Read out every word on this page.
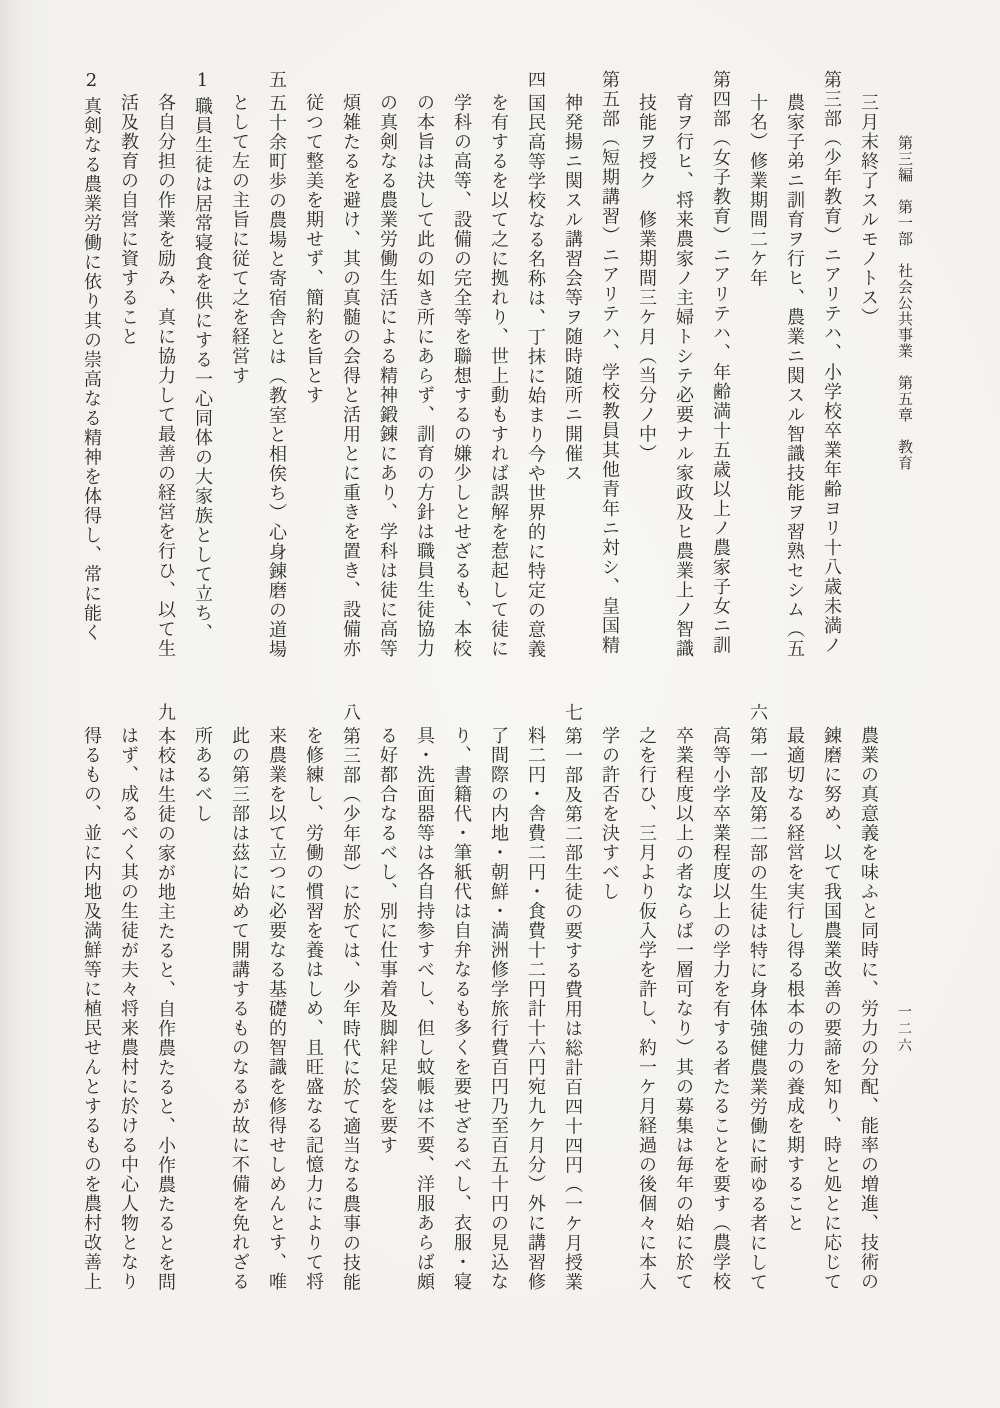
第三編　第一部　社会公共事業　第五章　教育
一二六
三月末終了スルモノトス）
第三部（少年教育）ニアリテハ、小学校卒業年齢ヨリ十八歳未満ノ
農家子弟ニ訓育ヲ行ヒ、農業ニ関スル智識技能ヲ習熟セシム（五
十名）修業期間二ケ年
第四部（女子教育）ニアリテハ、年齢満十五歳以上ノ農家子女ニ訓
育ヲ行ヒ、将来農家ノ主婦トシテ必要ナル家政及ヒ農業上ノ智識
技能ヲ授ク　修業期間三ケ月（当分ノ中）
第五部（短期講習）ニアリテハ、学校教員其他青年ニ対シ、皇国精
神発揚ニ関スル講習会等ヲ随時随所ニ開催ス
四国民高等学校なる名称は、丁抹に始まり今や世界的に特定の意義
を有するを以て之に拠れり、世上動もすれば誤解を惹起して徒に
学科の高等、設備の完全等を聯想するの嫌少しとせざるも、本校
の本旨は決して此の如き所にあらず、訓育の方針は職員生徒協力
の真剣なる農業労働生活による精神鍛錬にあり、学科は徒に高等
煩雑たるを避け、其の真髄の会得と活用とに重きを置き、設備亦
従つて整美を期せず、簡約を旨とす
五五十余町歩の農場と寄宿舎とは（教室と相俟ち）心身錬磨の道場
として左の主旨に従て之を経営す
1職員生徒は居常寝食を供にする一心同体の大家族として立ち、
各自分担の作業を励み、真に協力して最善の経営を行ひ、以て生
活及教育の自営に資すること
2真剣なる農業労働に依り其の崇高なる精神を体得し、常に能く
農業の真意義を味ふと同時に、労力の分配、能率の増進、技術の
錬磨に努め、以て我国農業改善の要諦を知り、時と処とに応じて
最適切なる経営を実行し得る根本の力の養成を期すること
六第一部及第二部の生徒は特に身体強健農業労働に耐ゆる者にして
高等小学卒業程度以上の学力を有する者たることを要す（農学校
卒業程度以上の者ならば一層可なり）其の募集は毎年の始に於て
之を行ひ、三月より仮入学を許し、約一ケ月経過の後個々に本入
学の許否を決すべし
七第一部及第二部生徒の要する費用は総計百四十四円（一ケ月授業
料二円・舎費二円・食費十二円計十六円宛九ケ月分）外に講習修
了間際の内地・朝鮮・満洲修学旅行費百円乃至百五十円の見込な
り、書籍代・筆紙代は自弁なるも多くを要せざるべし、衣服・寝
具・洗面器等は各自持参すべし、但し蚊帳は不要、洋服あらば頗
る好都合なるべし、別に仕事着及脚絆足袋を要す
八第三部（少年部）に於ては、少年時代に於て適当なる農事の技能
を修練し、労働の慣習を養はしめ、且旺盛なる記憶力によりて将
来農業を以て立つに必要なる基礎的智識を修得せしめんとす、唯
此の第三部は茲に始めて開講するものなるが故に不備を免れざる
所あるべし
九本校は生徒の家が地主たると、自作農たると、小作農たるとを問
はず、成るべく其の生徒が夫々将来農村に於ける中心人物となり
得るもの、並に内地及満鮮等に植民せんとするものを農村改善上
